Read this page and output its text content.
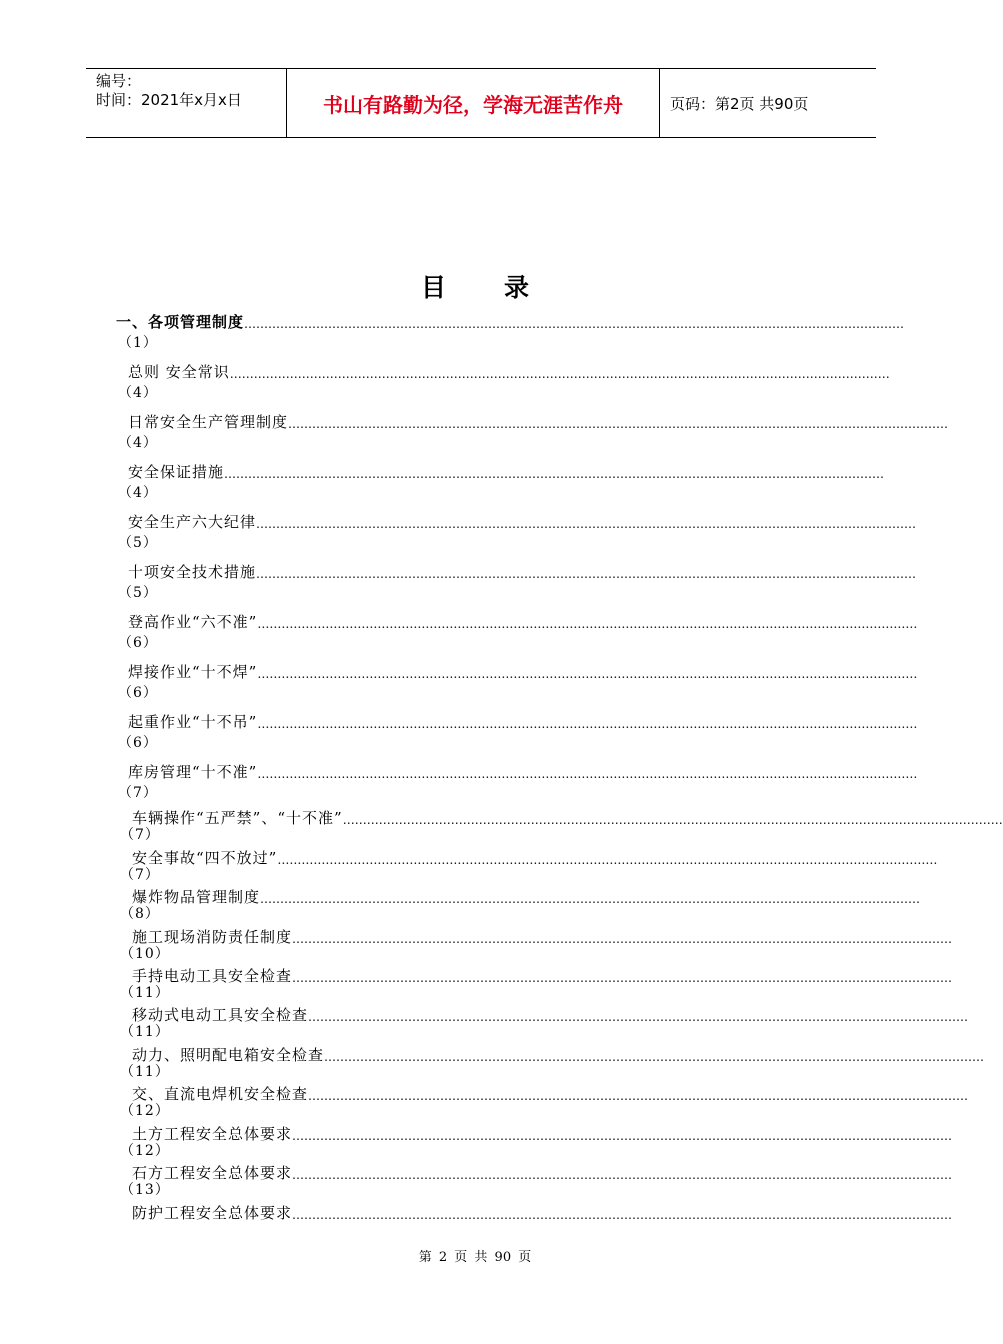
编号：
时间：2021年x月x日	书山有路勤为径，学海无涯苦作舟	页码：第2页 共90页
目录
一、各项管理制度 …………………………………………………………………………………………………………………………………………………
（1）
总则 安全常识 …………………………………………………………………………………………………………………………………………………
（4）
日常安全生产管理制度 …………………………………………………………………………………………………………………………………………………
（4）
安全保证措施 …………………………………………………………………………………………………………………………………………………
（4）
安全生产六大纪律 …………………………………………………………………………………………………………………………………………………
（5）
十项安全技术措施 …………………………………………………………………………………………………………………………………………………
（5）
登高作业“六不准” …………………………………………………………………………………………………………………………………………………
（6）
焊接作业“十不焊” …………………………………………………………………………………………………………………………………………………
（6）
起重作业“十不吊” …………………………………………………………………………………………………………………………………………………
（6）
库房管理“十不准” …………………………………………………………………………………………………………………………………………………
（7）
车辆操作“五严禁”、“十不准” …………………………………………………………………………………………………………………………………………………
（7）
安全事故“四不放过” …………………………………………………………………………………………………………………………………………………
（7）
爆炸物品管理制度 …………………………………………………………………………………………………………………………………………………
（8）
施工现场消防责任制度 …………………………………………………………………………………………………………………………………………………
（10）
手持电动工具安全检查 …………………………………………………………………………………………………………………………………………………
（11）
移动式电动工具安全检查 …………………………………………………………………………………………………………………………………………………
（11）
动力、照明配电箱安全检查 …………………………………………………………………………………………………………………………………………………
（11）
交、直流电焊机安全检查 …………………………………………………………………………………………………………………………………………………
（12）
土方工程安全总体要求 …………………………………………………………………………………………………………………………………………………
（12）
石方工程安全总体要求 …………………………………………………………………………………………………………………………………………………
（13）
防护工程安全总体要求 …………………………………………………………………………………………………………………………………………………
第 2 页 共 90 页
